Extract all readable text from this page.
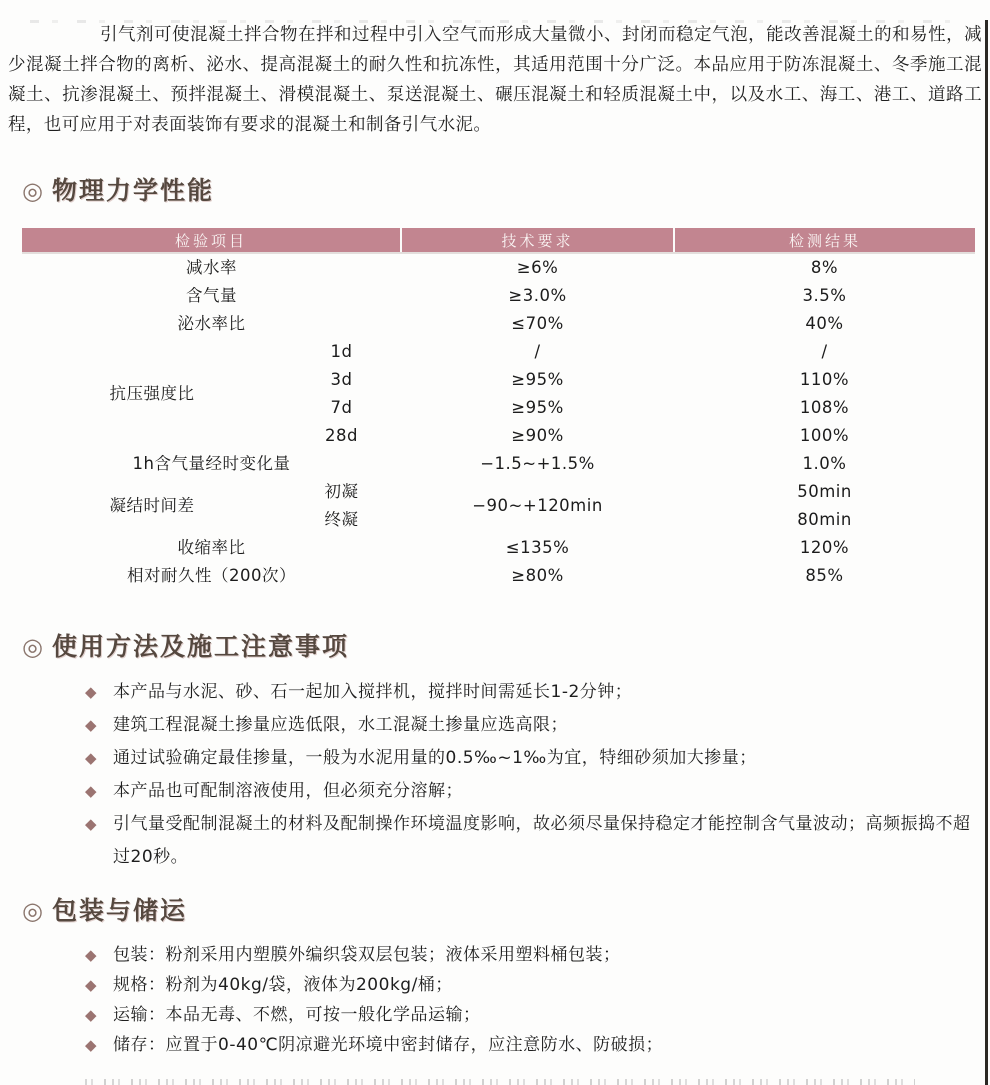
引气剂可使混凝土拌合物在拌和过程中引入空气而形成大量微小、封闭而稳定气泡，能改善混凝土的和易性，减少混凝土拌合物的离析、泌水、提高混凝土的耐久性和抗冻性，其适用范围十分广泛。本品应用于防冻混凝土、冬季施工混凝土、抗渗混凝土、预拌混凝土、滑模混凝土、泵送混凝土、碾压混凝土和轻质混凝土中，以及水工、海工、港工、道路工程，也可应用于对表面装饰有要求的混凝土和制备引气水泥。

◎ 物理力学性能
检验项目		技术要求	检测结果
减水率		≥6%	8%
含气量		≥3.0%	3.5%
泌水率比		≤70%	40%
抗压强度比	1d	/	/
	3d	≥95%	110%
	7d	≥95%	108%
	28d	≥90%	100%
1h含气量经时变化量		−1.5~+1.5%	1.0%
凝结时间差	初凝	−90~+120min	50min
	终凝		80min
收缩率比		≤135%	120%
相对耐久性（200次）		≥80%	85%
◎ 使用方法及施工注意事项
◆ 本产品与水泥、砂、石一起加入搅拌机，搅拌时间需延长1-2分钟；
◆ 建筑工程混凝土掺量应选低限，水工混凝土掺量应选高限；
◆ 通过试验确定最佳掺量，一般为水泥用量的0.5‰~1‰为宜，特细砂须加大掺量；
◆ 本产品也可配制溶液使用，但必须充分溶解；
◆ 引气量受配制混凝土的材料及配制操作环境温度影响，故必须尽量保持稳定才能控制含气量波动；高频振捣不超过20秒。
◎ 包装与储运
◆ 包装：粉剂采用内塑膜外编织袋双层包装；液体采用塑料桶包装；
◆ 规格：粉剂为40kg/袋，液体为200kg/桶；
◆ 运输：本品无毒、不燃，可按一般化学品运输；
◆ 储存：应置于0-40℃阴凉避光环境中密封储存，应注意防水、防破损；
